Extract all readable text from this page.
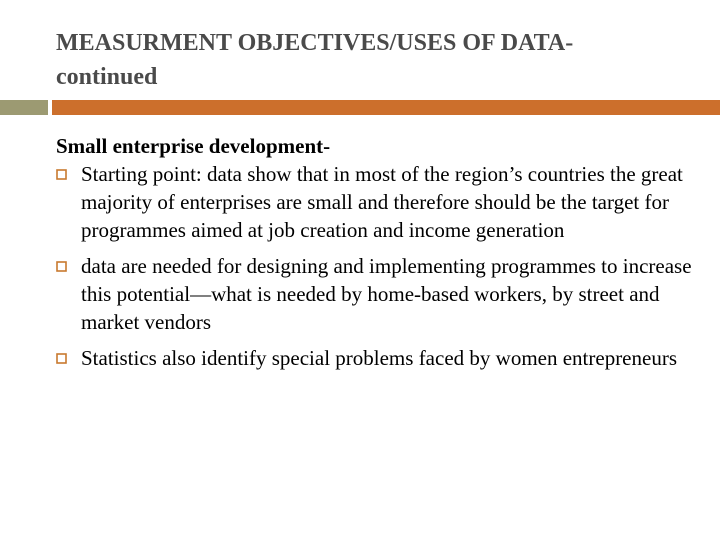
MEASURMENT OBJECTIVES/USES OF DATA-
continued

Small enterprise development-

Starting point: data show that in most of the region’s countries the great majority of enterprises are small and therefore should be the target for programmes aimed at job creation and income generation
data are needed for designing and implementing programmes to increase this potential—what is needed by home-based workers, by street and market vendors
Statistics also identify special problems faced by women entrepreneurs
